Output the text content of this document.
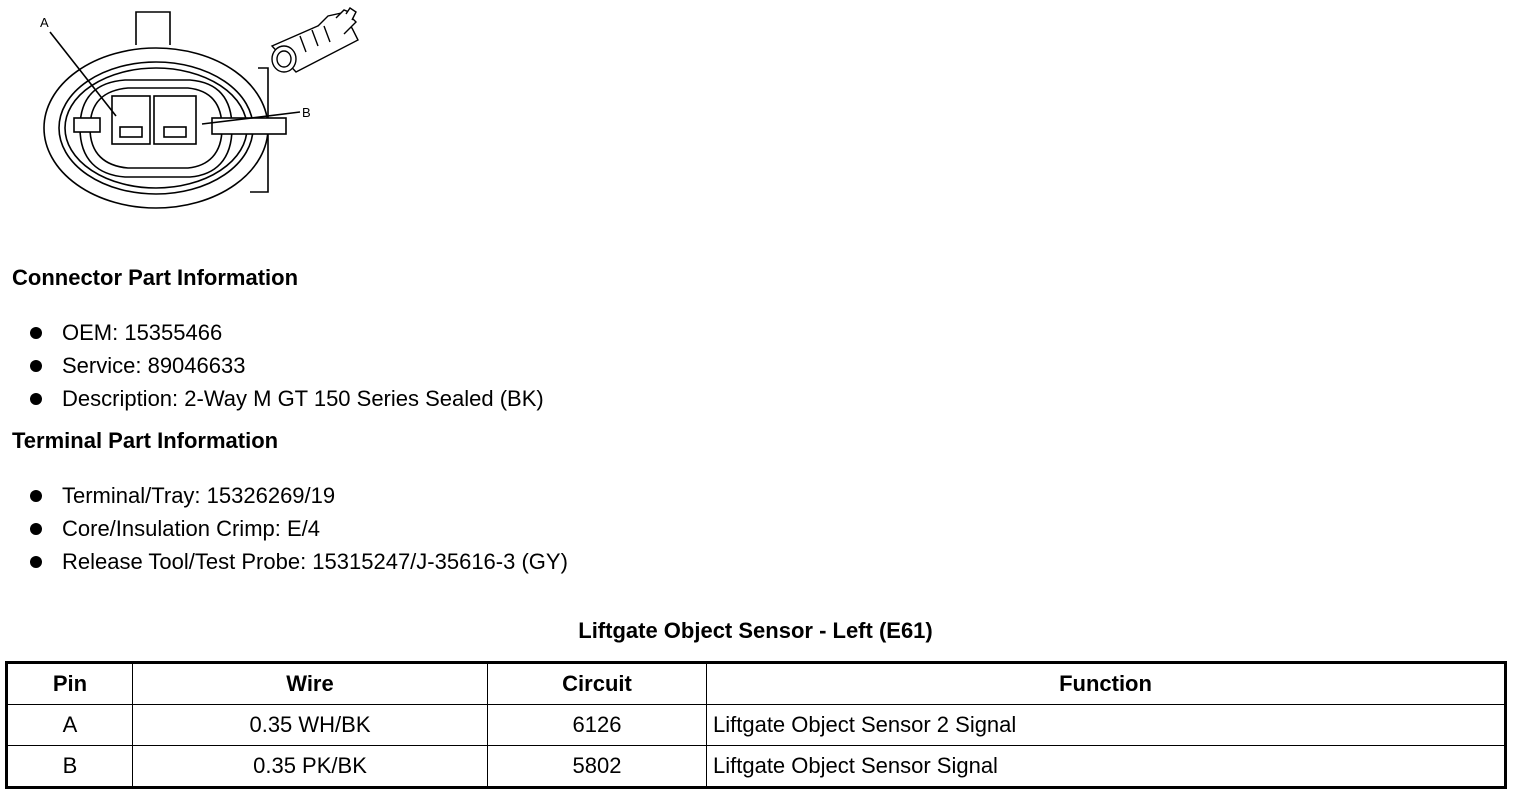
A
B
Connector Part Information
OEM: 15355466
Service: 89046633
Description: 2-Way M GT 150 Series Sealed (BK)
Terminal Part Information
Terminal/Tray: 15326269/19
Core/Insulation Crimp: E/4
Release Tool/Test Probe: 15315247/J-35616-3 (GY)
Liftgate Object Sensor - Left (E61)
Pin	Wire	Circuit	Function
A	0.35 WH/BK	6126	Liftgate Object Sensor 2 Signal
B	0.35 PK/BK	5802	Liftgate Object Sensor Signal
